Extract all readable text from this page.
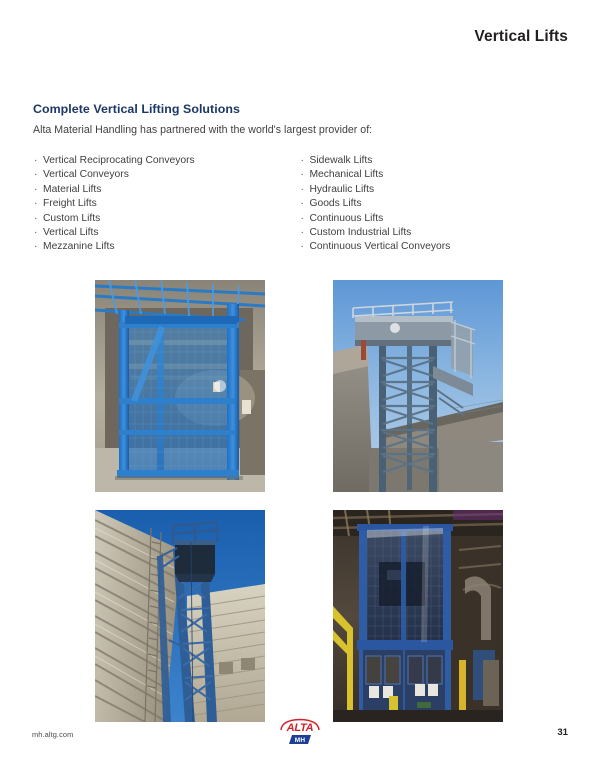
Vertical Lifts
Complete Vertical Lifting Solutions
Alta Material Handling has partnered with the world's largest provider of:
· Vertical Reciprocating Conveyors
· Vertical Conveyors
· Material Lifts
· Freight Lifts
· Custom Lifts
· Vertical Lifts
· Mezzanine Lifts
· Sidewalk Lifts
· Mechanical Lifts
· Hydraulic Lifts
· Goods Lifts
· Continuous Lifts
· Custom Industrial Lifts
· Continuous Vertical Conveyors
mh.altg.com
ALTA
MH
31
